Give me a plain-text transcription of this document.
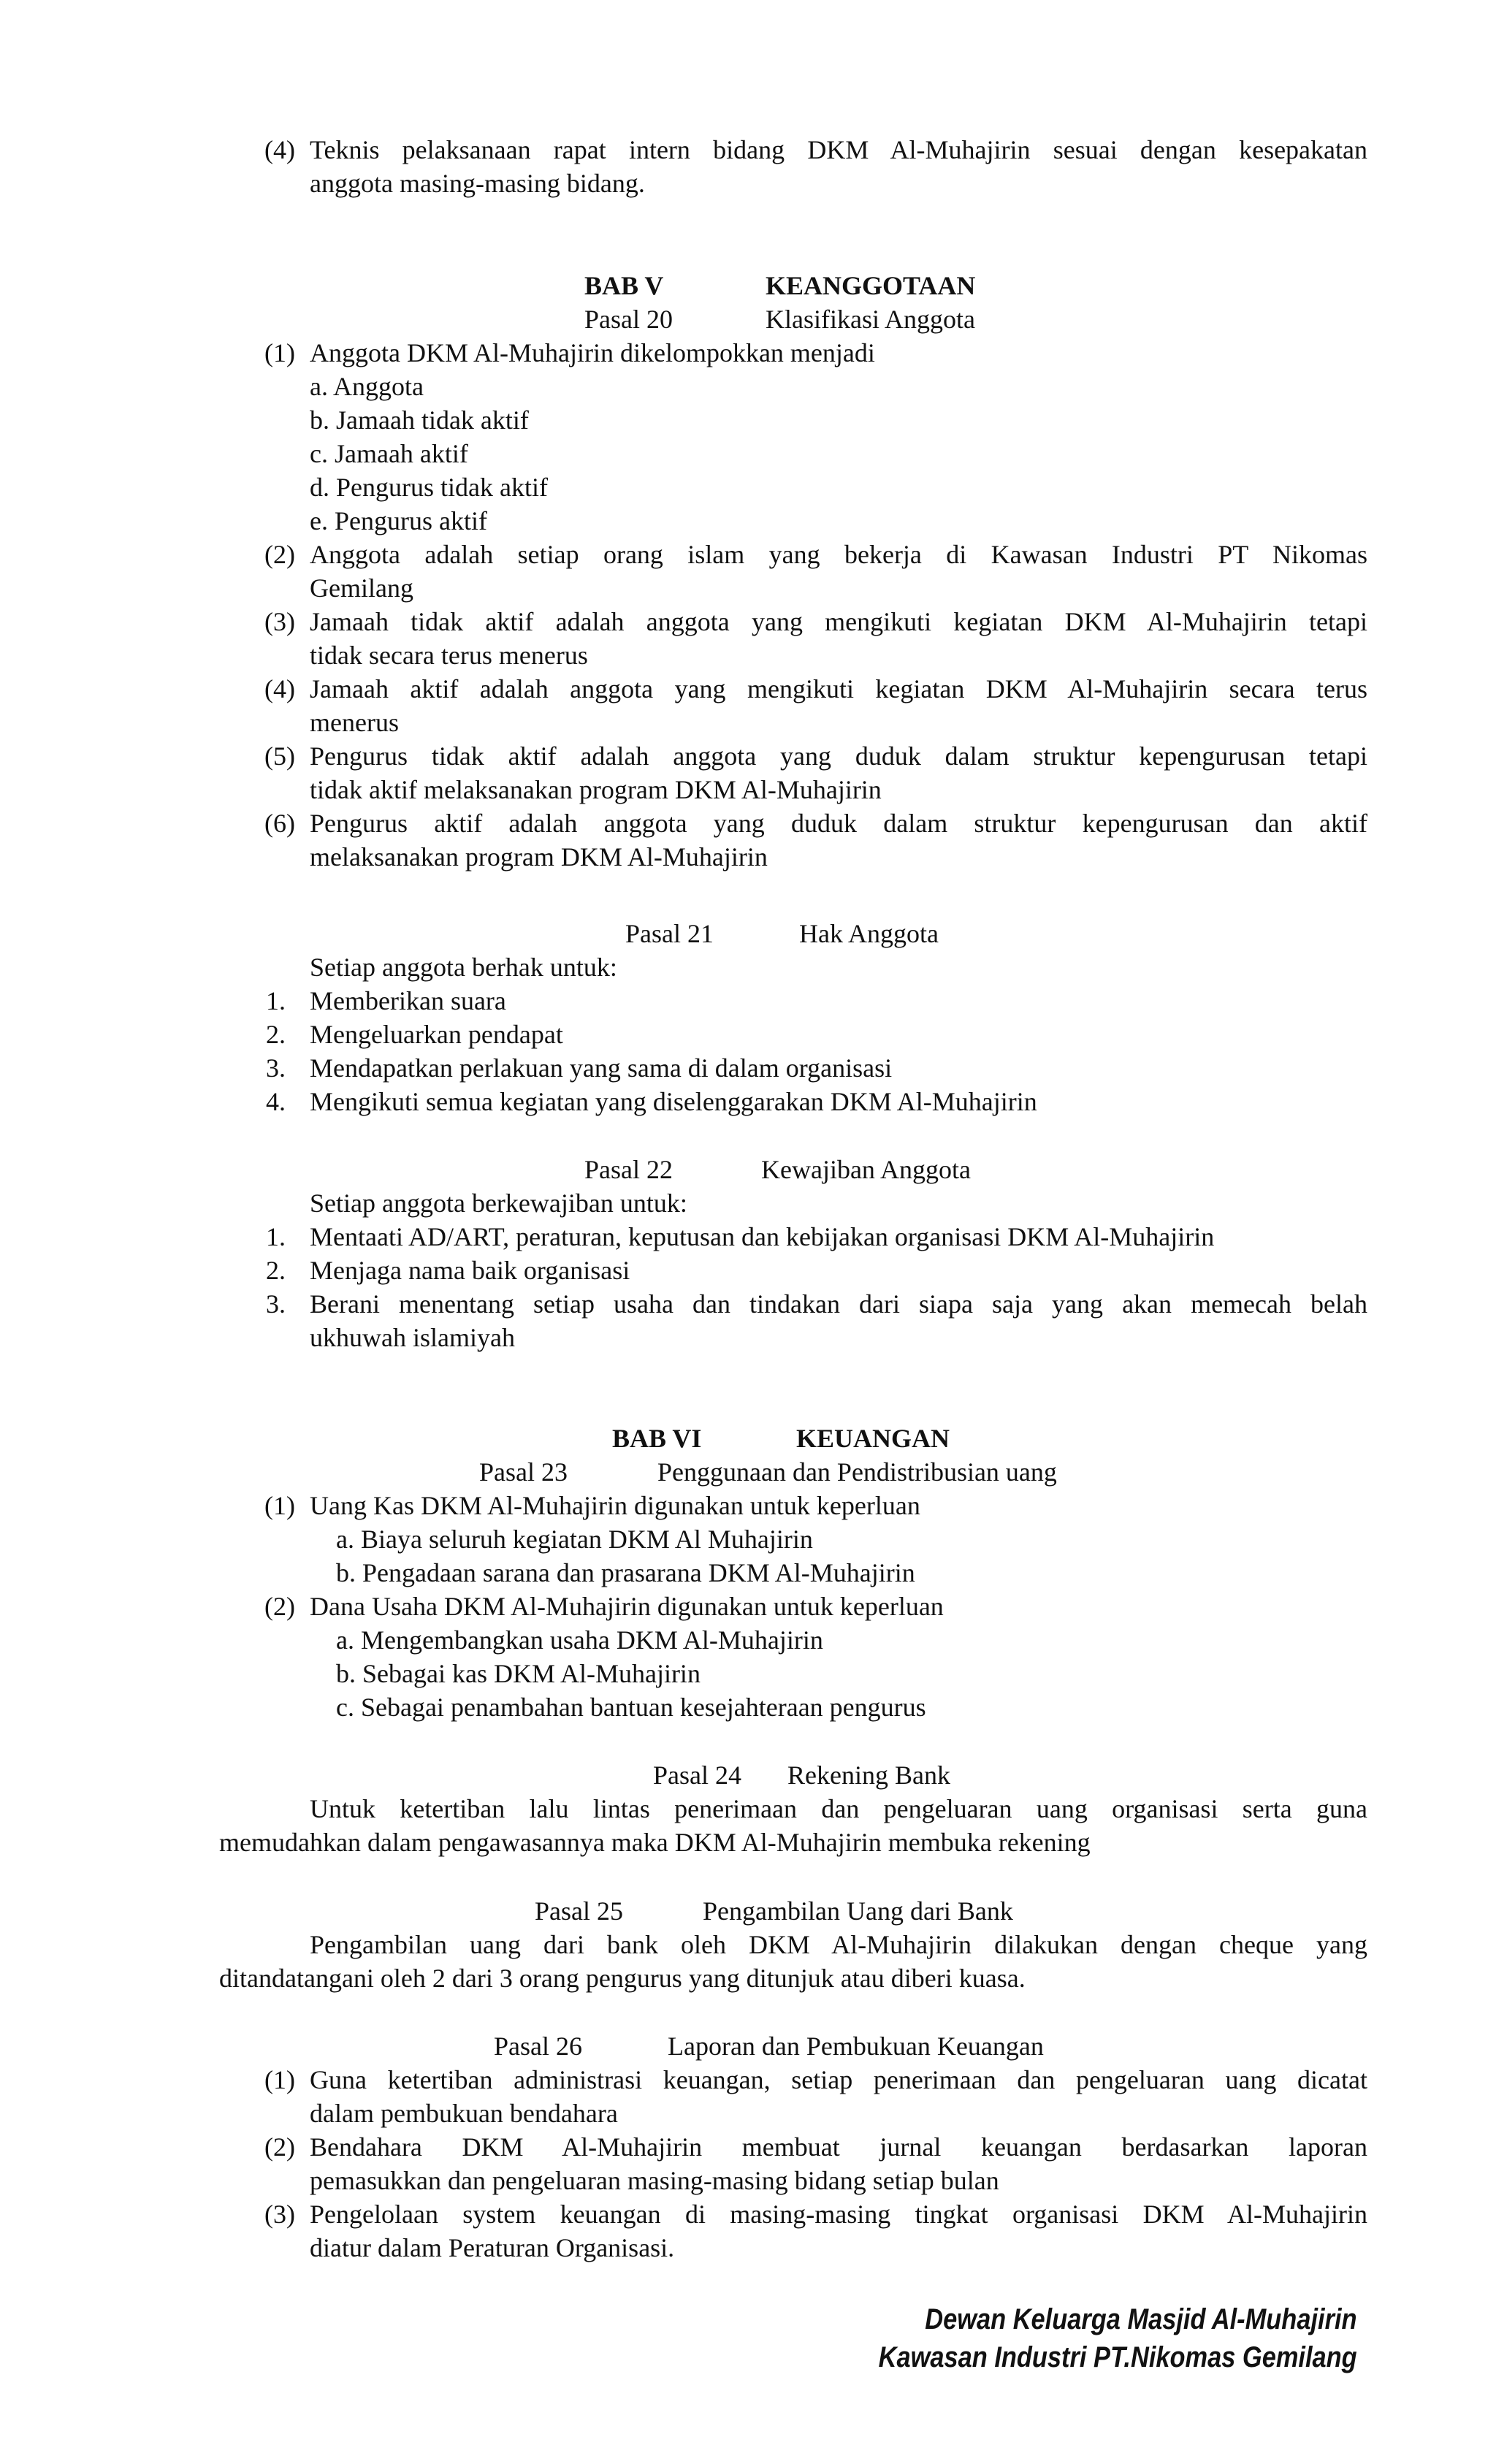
(4) Teknis pelaksanaan rapat intern bidang DKM Al-Muhajirin sesuai dengan kesepakatan
anggota masing-masing bidang.
BAB V	KEANGGOTAAN
Pasal 20	Klasifikasi Anggota
(1) Anggota DKM Al-Muhajirin dikelompokkan menjadi
a. Anggota
b. Jamaah tidak aktif
c. Jamaah aktif
d. Pengurus tidak aktif
e. Pengurus aktif
(2) Anggota adalah setiap orang islam yang bekerja di Kawasan Industri PT Nikomas
Gemilang
(3) Jamaah tidak aktif adalah anggota yang mengikuti kegiatan DKM Al-Muhajirin tetapi
tidak secara terus menerus
(4) Jamaah aktif adalah anggota yang mengikuti kegiatan DKM Al-Muhajirin secara terus
menerus
(5) Pengurus tidak aktif adalah anggota yang duduk dalam struktur kepengurusan tetapi
tidak aktif melaksanakan program DKM Al-Muhajirin
(6) Pengurus aktif adalah anggota yang duduk dalam struktur kepengurusan dan aktif
melaksanakan program DKM Al-Muhajirin
Pasal 21	Hak Anggota
Setiap anggota berhak untuk:
1. Memberikan suara
2. Mengeluarkan pendapat
3. Mendapatkan perlakuan yang sama di dalam organisasi
4. Mengikuti semua kegiatan yang diselenggarakan DKM Al-Muhajirin
Pasal 22	Kewajiban Anggota
Setiap anggota berkewajiban untuk:
1. Mentaati AD/ART, peraturan, keputusan dan kebijakan organisasi DKM Al-Muhajirin
2. Menjaga nama baik organisasi
3. Berani menentang setiap usaha dan tindakan dari siapa saja yang akan memecah belah
ukhuwah islamiyah
BAB VI	KEUANGAN
Pasal 23	Penggunaan dan Pendistribusian uang
(1) Uang Kas DKM Al-Muhajirin digunakan untuk keperluan
a. Biaya seluruh kegiatan DKM Al Muhajirin
b. Pengadaan sarana dan prasarana DKM Al-Muhajirin
(2) Dana Usaha DKM Al-Muhajirin digunakan untuk keperluan
a. Mengembangkan usaha DKM Al-Muhajirin
b. Sebagai kas DKM Al-Muhajirin
c. Sebagai penambahan bantuan kesejahteraan pengurus
Pasal 24 Rekening Bank
Untuk ketertiban lalu lintas penerimaan dan pengeluaran uang organisasi serta guna
memudahkan dalam pengawasannya maka DKM Al-Muhajirin membuka rekening
Pasal 25	Pengambilan Uang dari Bank
Pengambilan uang dari bank oleh DKM Al-Muhajirin dilakukan dengan cheque yang
ditandatangani oleh 2 dari 3 orang pengurus yang ditunjuk atau diberi kuasa.
Pasal 26	Laporan dan Pembukuan Keuangan
(1) Guna ketertiban administrasi keuangan, setiap penerimaan dan pengeluaran uang dicatat
dalam pembukuan bendahara
(2) Bendahara DKM Al-Muhajirin membuat jurnal keuangan berdasarkan laporan
pemasukkan dan pengeluaran masing-masing bidang setiap bulan
(3) Pengelolaan system keuangan di masing-masing tingkat organisasi DKM Al-Muhajirin
diatur dalam Peraturan Organisasi.
Dewan Keluarga Masjid Al-Muhajirin
Kawasan Industri PT.Nikomas Gemilang
